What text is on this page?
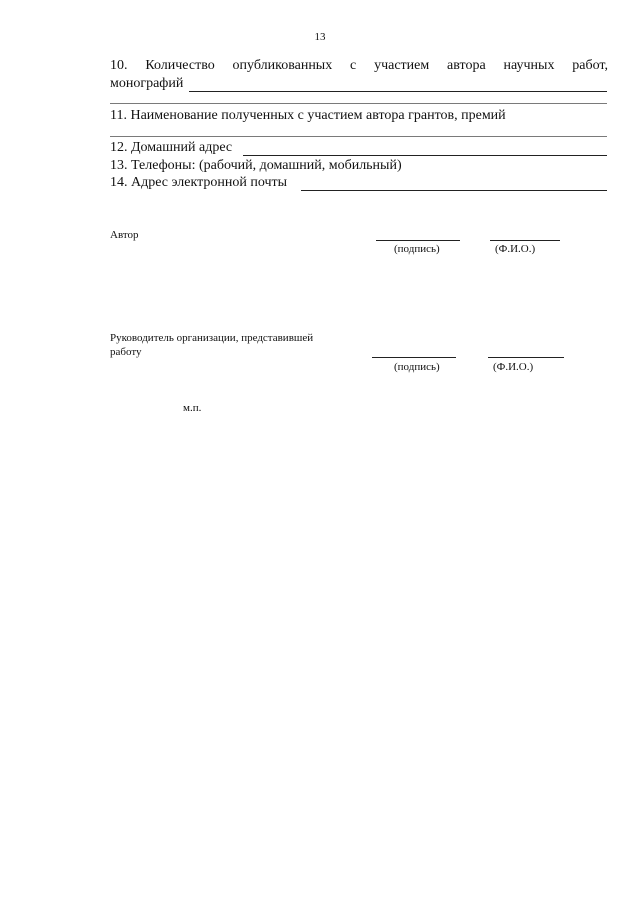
13
10. Количество опубликованных с участием автора научных работ,
монографий
11. Наименование полученных с участием автора грантов, премий
12. Домашний адрес
13. Телефоны: (рабочий, домашний, мобильный)
14. Адрес электронной почты
Автор
(подпись)	(Ф.И.О.)
Руководитель организации, представившей
работу
(подпись)	(Ф.И.О.)
м.п.
